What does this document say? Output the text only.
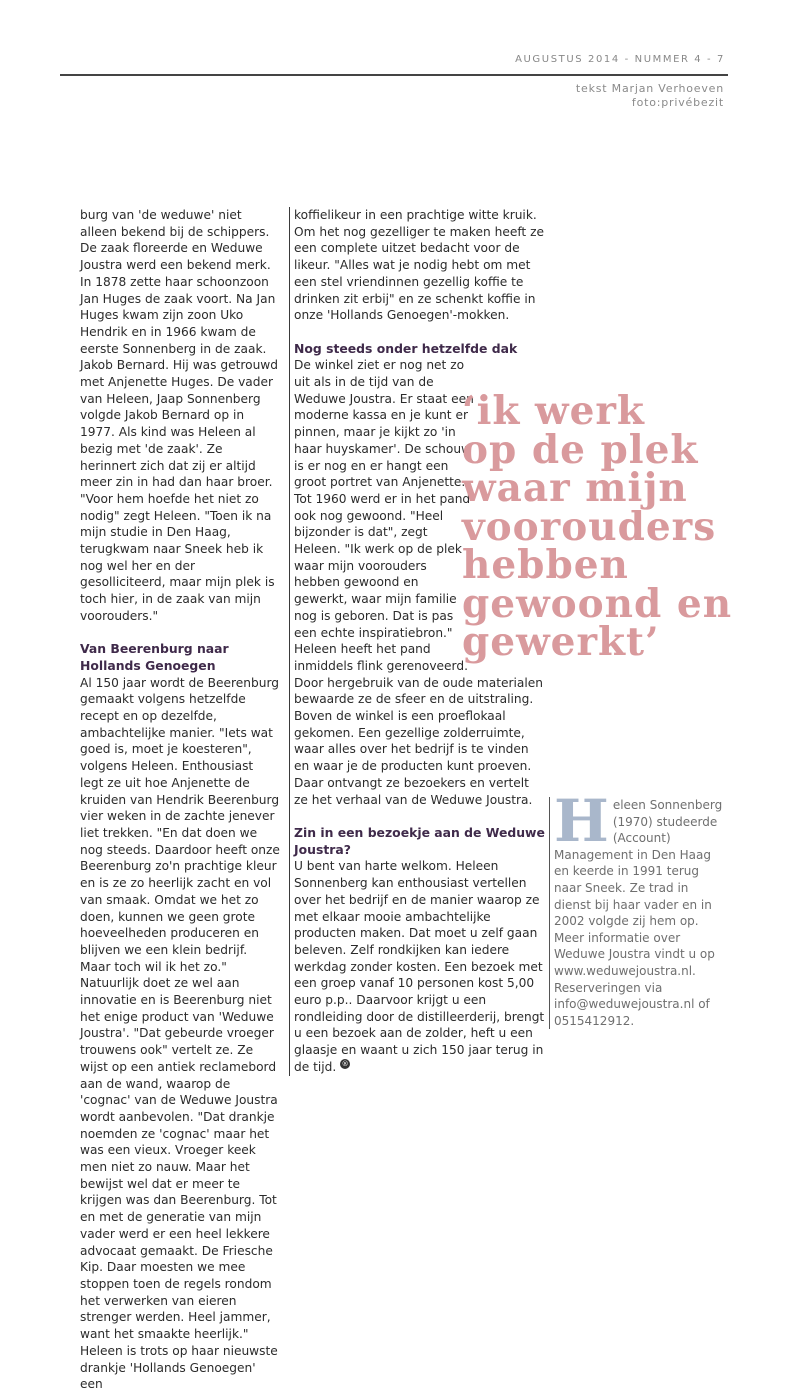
AUGUSTUS 2014 - NUMMER 4 - 7
tekst Marjan Verhoeven
foto:privébezit

burg van 'de weduwe' niet alleen bekend bij de schippers. De zaak floreerde en Weduwe Joustra werd een bekend merk. In 1878 zette haar schoonzoon Jan Huges de zaak voort. Na Jan Huges kwam zijn zoon Uko Hendrik en in 1966 kwam de eerste Sonnenberg in de zaak. Jakob Bernard. Hij was getrouwd met Anjenette Huges. De vader van Heleen, Jaap Sonnenberg volgde Jakob Bernard op in 1977. Als kind was Heleen al bezig met 'de zaak'. Ze herinnert zich dat zij er altijd meer zin in had dan haar broer. "Voor hem hoefde het niet zo nodig" zegt Heleen. "Toen ik na mijn studie in Den Haag, terugkwam naar Sneek heb ik nog wel her en der gesolliciteerd, maar mijn plek is toch hier, in de zaak van mijn voorouders."

Van Beerenburg naar Hollands Genoegen

Al 150 jaar wordt de Beerenburg gemaakt volgens hetzelfde recept en op dezelfde, ambachtelijke manier. "Iets wat goed is, moet je koesteren", volgens Heleen. Enthousiast legt ze uit hoe Anjenette de kruiden van Hendrik Beerenburg vier weken in de zachte jenever liet trekken. "En dat doen we nog steeds. Daardoor heeft onze Beerenburg zo'n prachtige kleur en is ze zo heerlijk zacht en vol van smaak. Omdat we het zo doen, kunnen we geen grote hoeveelheden produceren en blijven we een klein bedrijf. Maar toch wil ik het zo." Natuurlijk doet ze wel aan innovatie en is Beerenburg niet het enige product van 'Weduwe Joustra'. "Dat gebeurde vroeger trouwens ook" vertelt ze. Ze wijst op een antiek reclamebord aan de wand, waarop de 'cognac' van de Weduwe Joustra wordt aanbevolen. "Dat drankje noemden ze 'cognac' maar het was een vieux. Vroeger keek men niet zo nauw. Maar het bewijst wel dat er meer te krijgen was dan Beerenburg. Tot en met de generatie van mijn vader werd er een heel lekkere advocaat gemaakt. De Friesche Kip. Daar moesten we mee stoppen toen de regels rondom het verwerken van eieren strenger werden. Heel jammer, want het smaakte heerlijk." Heleen is trots op haar nieuwste drankje 'Hollands Genoegen' een

koffielikeur in een prachtige witte kruik. Om het nog gezelliger te maken heeft ze een complete uitzet bedacht voor de likeur. "Alles wat je nodig hebt om met een stel vriendinnen gezellig koffie te drinken zit erbij" en ze schenkt koffie in onze 'Hollands Genoegen'-mokken.

Nog steeds onder hetzelfde dak

De winkel ziet er nog net zo uit als in de tijd van de Weduwe Joustra. Er staat een moderne kassa en je kunt er pinnen, maar je kijkt zo 'in haar huyskamer'. De schouw is er nog en er hangt een groot portret van Anjenette. Tot 1960 werd er in het pand ook nog gewoond. "Heel bijzonder is dat", zegt Heleen. "Ik werk op de plek waar mijn voorouders hebben gewoond en gewerkt, waar mijn familie nog is geboren. Dat is pas een echte inspiratiebron." Heleen heeft het pand inmiddels flink gerenoveerd.

Door hergebruik van de oude materialen bewaarde ze de sfeer en de uitstraling. Boven de winkel is een proeflokaal gekomen. Een gezellige zolderruimte, waar alles over het bedrijf is te vinden en waar je de producten kunt proeven. Daar ontvangt ze bezoekers en vertelt ze het verhaal van de Weduwe Joustra.

Zin in een bezoekje aan de Weduwe Joustra?

U bent van harte welkom. Heleen Sonnenberg kan enthousiast vertellen over het bedrijf en de manier waarop ze met elkaar mooie ambachtelijke producten maken. Dat moet u zelf gaan beleven. Zelf rondkijken kan iedere werkdag zonder kosten. Een bezoek met een groep vanaf 10 personen kost 5,00 euro p.p.. Daarvoor krijgt u een rondleiding door de distilleerderij, brengt u een bezoek aan de zolder, heft u een glaasje en waant u zich 150 jaar terug in de tijd. ®

‘ik werk
op de plek
waar mijn
voorouders
hebben
gewoond en
gewerkt’

Heleen Sonnenberg (1970) studeerde (Account) Management in Den Haag en keerde in 1991 terug naar Sneek. Ze trad in dienst bij haar vader en in 2002 volgde zij hem op.

Meer informatie over Weduwe Joustra vindt u op www.weduwejoustra.nl. Reserveringen via info@weduwejoustra.nl of 0515412912.
